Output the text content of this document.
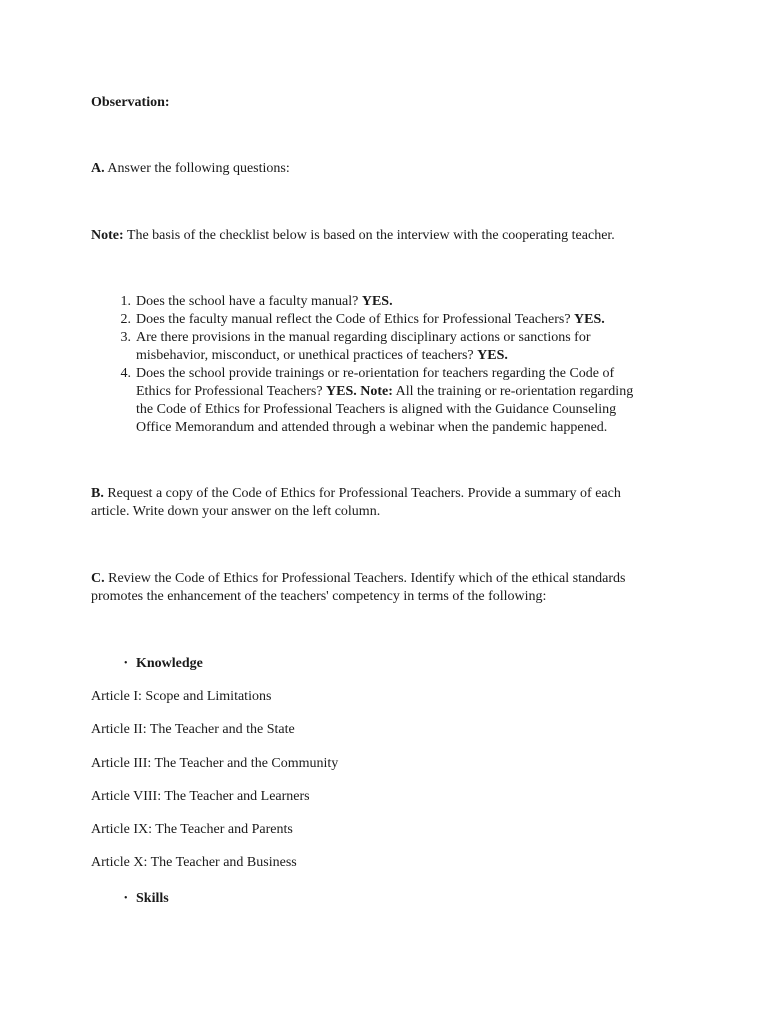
Observation:
A. Answer the following questions:
Note: The basis of the checklist below is based on the interview with the cooperating teacher.
1. Does the school have a faculty manual? YES.
2. Does the faculty manual reflect the Code of Ethics for Professional Teachers? YES.
3. Are there provisions in the manual regarding disciplinary actions or sanctions for
misbehavior, misconduct, or unethical practices of teachers? YES.
4. Does the school provide trainings or re-orientation for teachers regarding the Code of
Ethics for Professional Teachers? YES. Note: All the training or re-orientation regarding
the Code of Ethics for Professional Teachers is aligned with the Guidance Counseling
Office Memorandum and attended through a webinar when the pandemic happened.
B. Request a copy of the Code of Ethics for Professional Teachers. Provide a summary of each
article. Write down your answer on the left column.
C. Review the Code of Ethics for Professional Teachers. Identify which of the ethical standards
promotes the enhancement of the teachers' competency in terms of the following:
• Knowledge
Article I: Scope and Limitations
Article II: The Teacher and the State
Article III: The Teacher and the Community
Article VIII: The Teacher and Learners
Article IX: The Teacher and Parents
Article X: The Teacher and Business
• Skills
